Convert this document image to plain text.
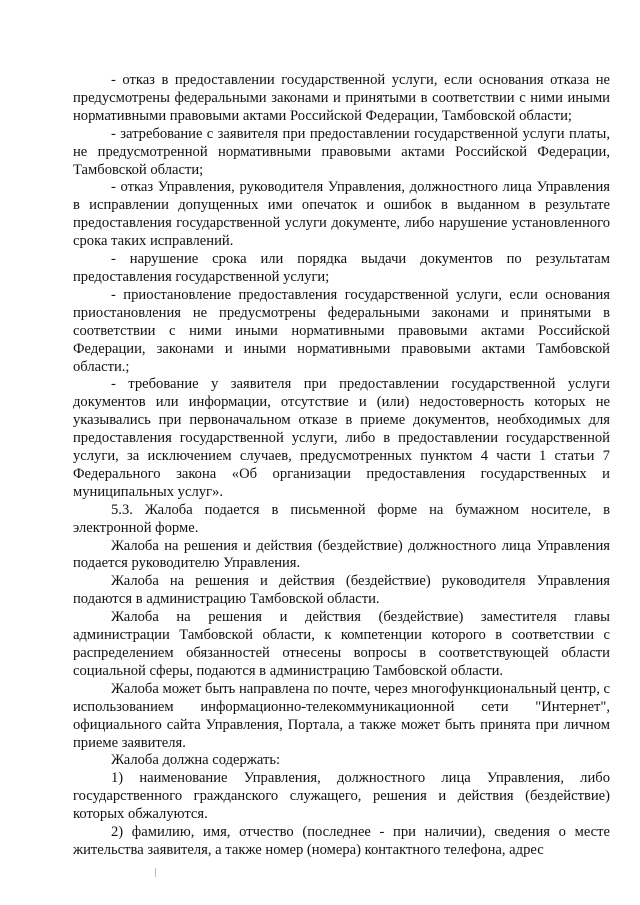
- отказ в предоставлении государственной услуги, если основания отказа не предусмотрены федеральными законами и принятыми в соответствии с ними иными нормативными правовыми актами Российской Федерации, Тамбовской области;

- затребование с заявителя при предоставлении государственной услуги платы, не предусмотренной нормативными правовыми актами Российской Федерации, Тамбовской области;

- отказ Управления, руководителя Управления, должностного лица Управления в исправлении допущенных ими опечаток и ошибок в выданном в результате предоставления государственной услуги документе, либо нарушение установленного срока таких исправлений.

- нарушение срока или порядка выдачи документов по результатам предоставления государственной услуги;

- приостановление предоставления государственной услуги, если основания приостановления не предусмотрены федеральными законами и принятыми в соответствии с ними иными нормативными правовыми актами Российской Федерации, законами и иными нормативными правовыми актами Тамбовской области.;

- требование у заявителя при предоставлении государственной услуги документов или информации, отсутствие и (или) недостоверность которых не указывались при первоначальном отказе в приеме документов, необходимых для предоставления государственной услуги, либо в предоставлении государственной услуги, за исключением случаев, предусмотренных пунктом 4 части 1 статьи 7 Федерального закона «Об организации предоставления государственных и муниципальных услуг».

5.3. Жалоба подается в письменной форме на бумажном носителе, в электронной форме.

Жалоба на решения и действия (бездействие) должностного лица Управления подается руководителю Управления.

Жалоба на решения и действия (бездействие) руководителя Управления подаются в администрацию Тамбовской области.

Жалоба на решения и действия (бездействие) заместителя главы администрации Тамбовской области, к компетенции которого в соответствии с распределением обязанностей отнесены вопросы в соответствующей области социальной сферы, подаются в администрацию Тамбовской области.

Жалоба может быть направлена по почте, через многофункциональный центр, с использованием информационно-телекоммуникационной сети "Интернет", официального сайта Управления, Портала, а также может быть принята при личном приеме заявителя.

Жалоба должна содержать:

1) наименование Управления, должностного лица Управления, либо государственного гражданского служащего, решения и действия (бездействие) которых обжалуются.

2) фамилию, имя, отчество (последнее - при наличии), сведения о месте жительства заявителя, а также номер (номера) контактного телефона, адрес
